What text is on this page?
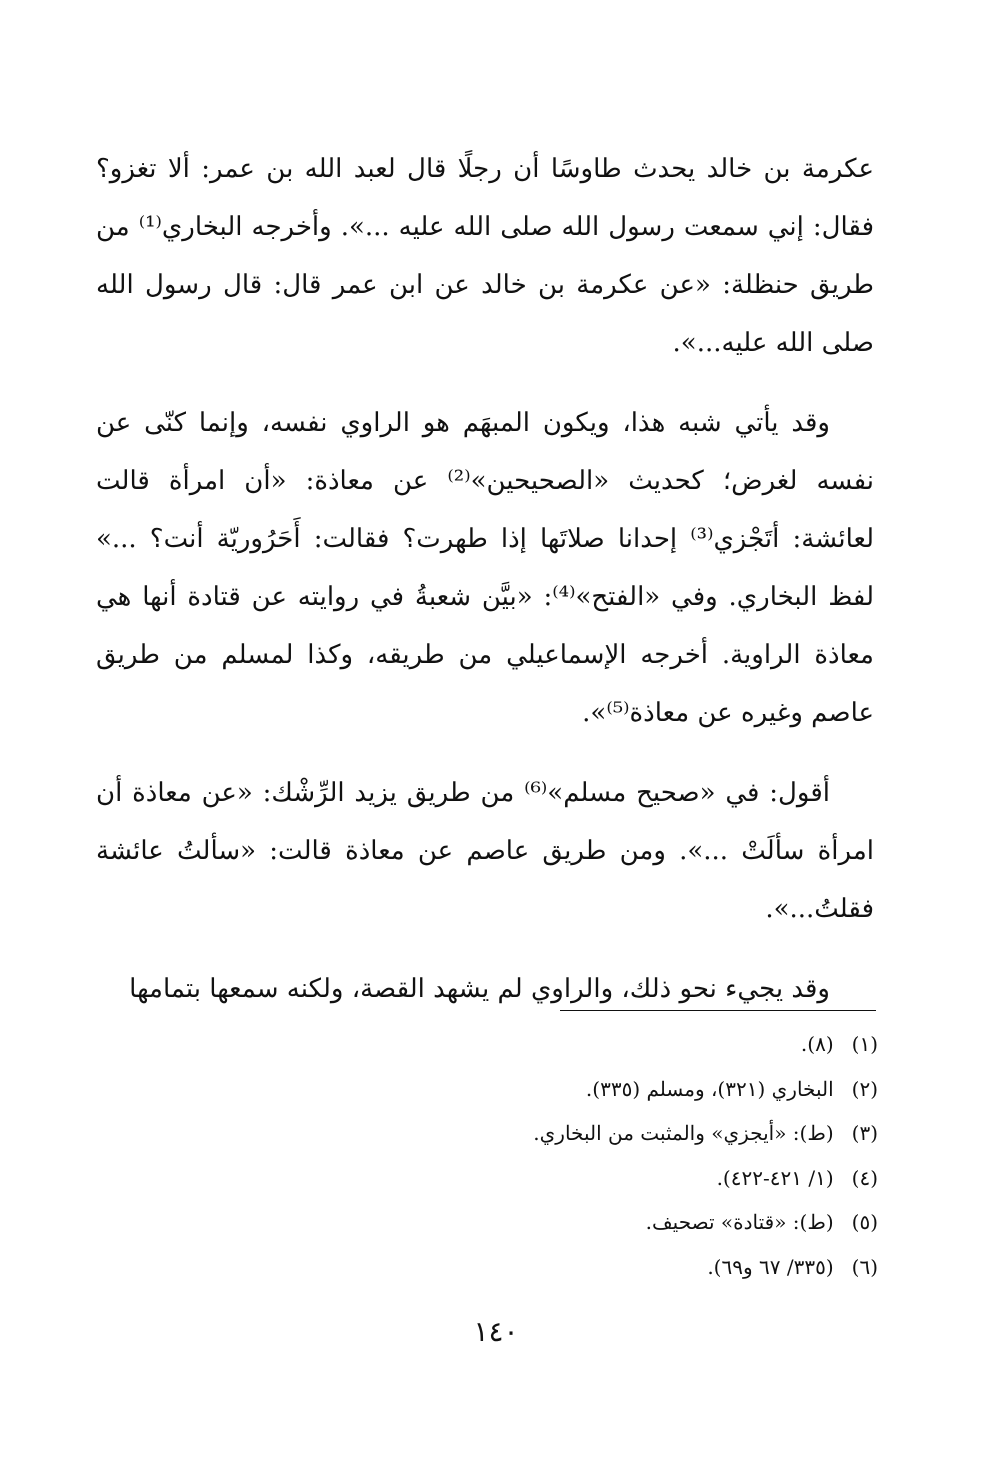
عكرمة بن خالد يحدث طاوسًا أن رجلًا قال لعبد الله بن عمر: ألا تغزو؟ فقال: إني سمعت رسول الله صلى الله عليه ...». وأخرجه البخاري⁽¹⁾ من طريق حنظلة: «عن عكرمة بن خالد عن ابن عمر قال: قال رسول الله صلى الله عليه...».

وقد يأتي شبه هذا، ويكون المبهَم هو الراوي نفسه، وإنما كنّى عن نفسه لغرض؛ كحديث «الصحيحين»⁽²⁾ عن معاذة: «أن امرأة قالت لعائشة: أتَجْزي⁽³⁾ إحدانا صلاتَها إذا طهرت؟ فقالت: أَحَرُوريّة أنت؟ ...» لفظ البخاري. وفي «الفتح»⁽⁴⁾: «بيَّن شعبةُ في روايته عن قتادة أنها هي معاذة الراوية. أخرجه الإسماعيلي من طريقه، وكذا لمسلم من طريق عاصم وغيره عن معاذة⁽⁵⁾».

أقول: في «صحيح مسلم»⁽⁶⁾ من طريق يزيد الرِّشْك: «عن معاذة أن امرأة سألَتْ ...». ومن طريق عاصم عن معاذة قالت: «سألتُ عائشة فقلتُ...».

وقد يجيء نحو ذلك، والراوي لم يشهد القصة، ولكنه سمعها بتمامها

(١) (٨).
(٢) البخاري (٣٢١)، ومسلم (٣٣٥).
(٣) (ط): «أيجزي» والمثبت من البخاري.
(٤) (١/ ٤٢١-٤٢٢).
(٥) (ط): «قتادة» تصحيف.
(٦) (٣٣٥/ ٦٧ و٦٩).
١٤٠
